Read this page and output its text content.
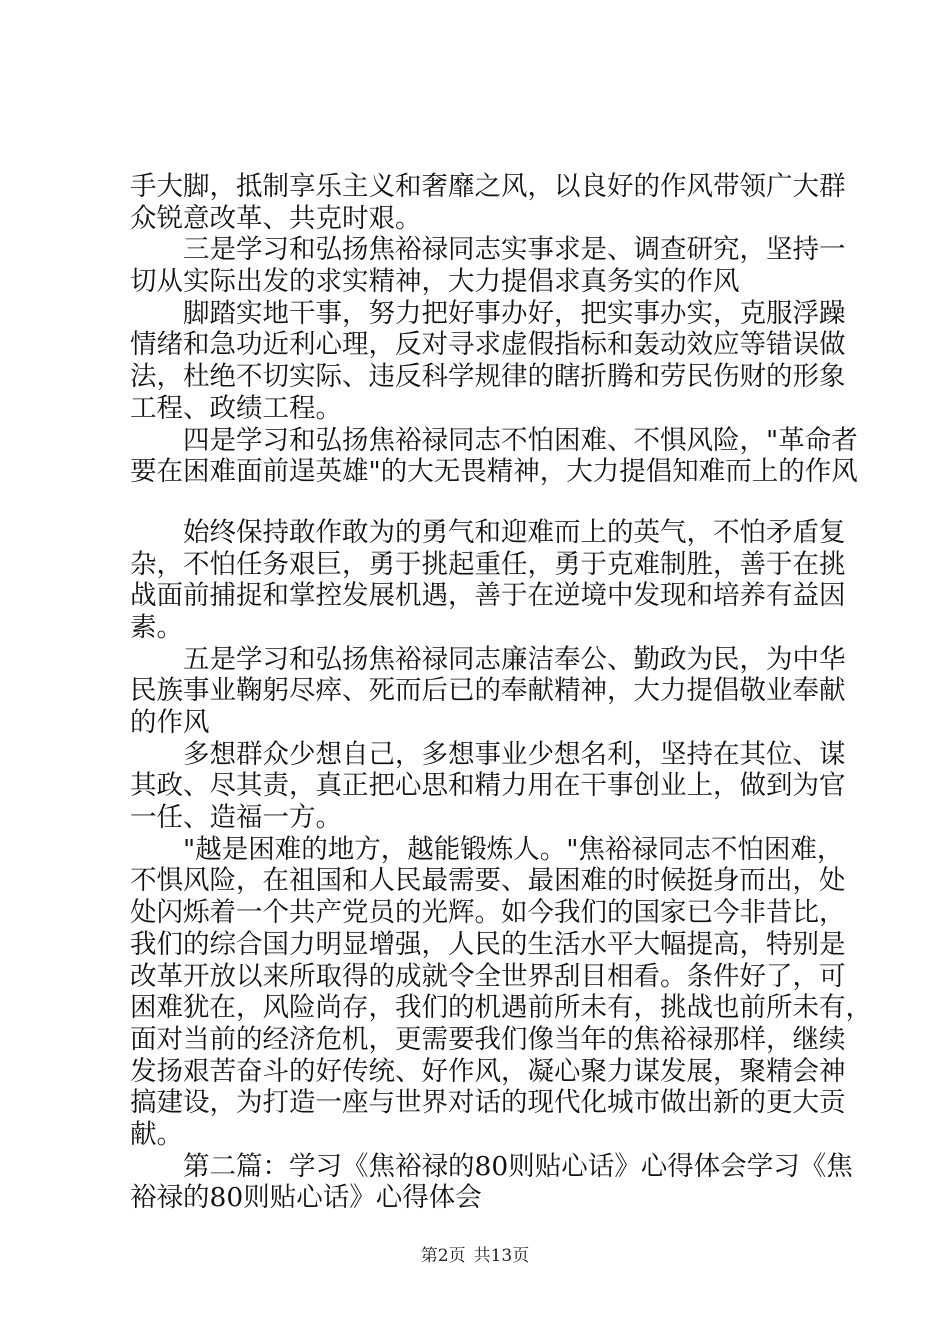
手大脚，抵制享乐主义和奢靡之风，以良好的作风带领广大群
众锐意改革、共克时艰。
三是学习和弘扬焦裕禄同志实事求是、调查研究，坚持一
切从实际出发的求实精神，大力提倡求真务实的作风
脚踏实地干事，努力把好事办好，把实事办实，克服浮躁
情绪和急功近利心理，反对寻求虚假指标和轰动效应等错误做
法，杜绝不切实际、违反科学规律的瞎折腾和劳民伤财的形象
工程、政绩工程。
四是学习和弘扬焦裕禄同志不怕困难、不惧风险，"革命者
要在困难面前逞英雄"的大无畏精神，大力提倡知难而上的作风
始终保持敢作敢为的勇气和迎难而上的英气，不怕矛盾复
杂，不怕任务艰巨，勇于挑起重任，勇于克难制胜，善于在挑
战面前捕捉和掌控发展机遇，善于在逆境中发现和培养有益因
素。
五是学习和弘扬焦裕禄同志廉洁奉公、勤政为民，为中华
民族事业鞠躬尽瘁、死而后已的奉献精神，大力提倡敬业奉献
的作风
多想群众少想自己，多想事业少想名利，坚持在其位、谋
其政、尽其责，真正把心思和精力用在干事创业上，做到为官
一任、造福一方。
"越是困难的地方，越能锻炼人。"焦裕禄同志不怕困难，
不惧风险，在祖国和人民最需要、最困难的时候挺身而出，处
处闪烁着一个共产党员的光辉。如今我们的国家已今非昔比，
我们的综合国力明显增强，人民的生活水平大幅提高，特别是
改革开放以来所取得的成就令全世界刮目相看。条件好了，可
困难犹在，风险尚存，我们的机遇前所未有，挑战也前所未有，
面对当前的经济危机，更需要我们像当年的焦裕禄那样，继续
发扬艰苦奋斗的好传统、好作风，凝心聚力谋发展，聚精会神
搞建设，为打造一座与世界对话的现代化城市做出新的更大贡
献。
第二篇：学习《焦裕禄的80则贴心话》心得体会学习《焦
裕禄的80则贴心话》心得体会
第2页 共13页
